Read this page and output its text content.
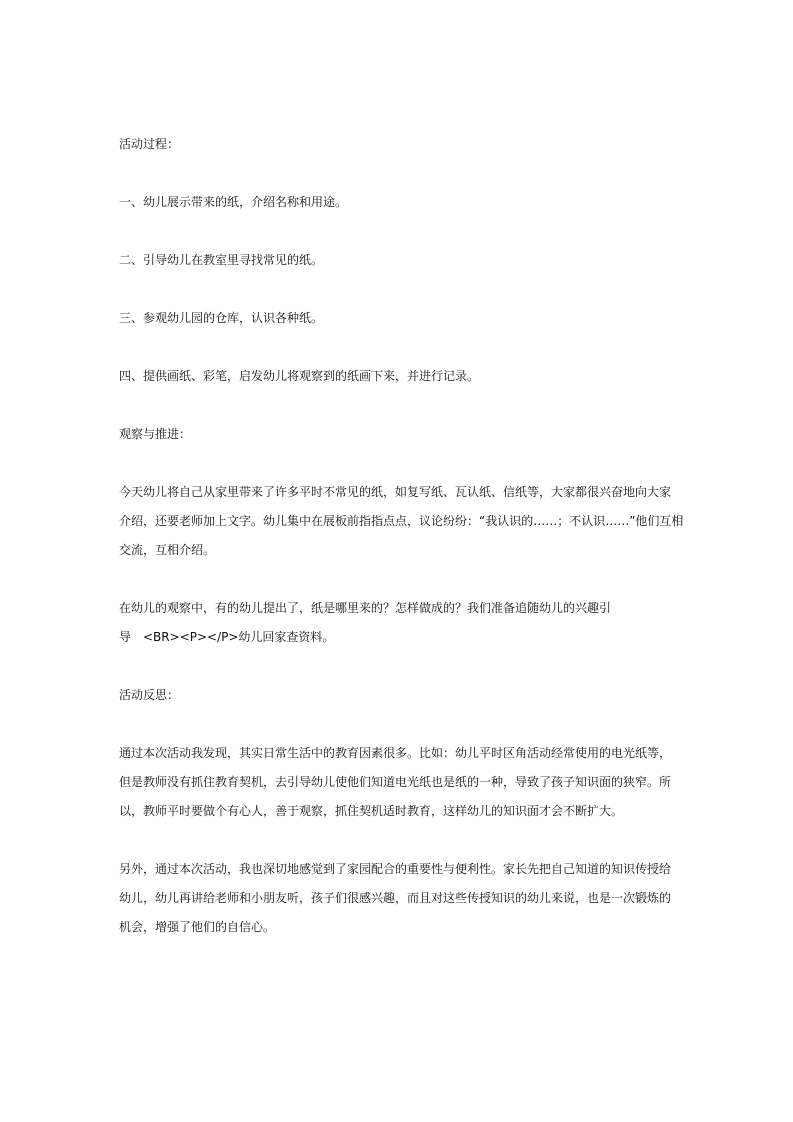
活动过程：
一、幼儿展示带来的纸，介绍名称和用途。
二、引导幼儿在教室里寻找常见的纸。
三、参观幼儿园的仓库，认识各种纸。
四、提供画纸、彩笔，启发幼儿将观察到的纸画下来，并进行记录。
观察与推进：
今天幼儿将自己从家里带来了许多平时不常见的纸，如复写纸、瓦认纸、信纸等，大家都很兴奋地向大家
介绍，还要老师加上文字。幼儿集中在展板前指指点点，议论纷纷：“我认识的……；不认识……”他们互相
交流，互相介绍。
在幼儿的观察中，有的幼儿提出了，纸是哪里来的？怎样做成的？我们准备追随幼儿的兴趣引
导　<BR><P></P>幼儿回家查资料。
活动反思：
通过本次活动我发现，其实日常生活中的教育因素很多。比如：幼儿平时区角活动经常使用的电光纸等，
但是教师没有抓住教育契机，去引导幼儿使他们知道电光纸也是纸的一种，导致了孩子知识面的狭窄。所
以，教师平时要做个有心人，善于观察，抓住契机适时教育，这样幼儿的知识面才会不断扩大。
另外，通过本次活动，我也深切地感觉到了家园配合的重要性与便利性。家长先把自己知道的知识传授给
幼儿，幼儿再讲给老师和小朋友听，孩子们很感兴趣，而且对这些传授知识的幼儿来说，也是一次锻炼的
机会，增强了他们的自信心。
